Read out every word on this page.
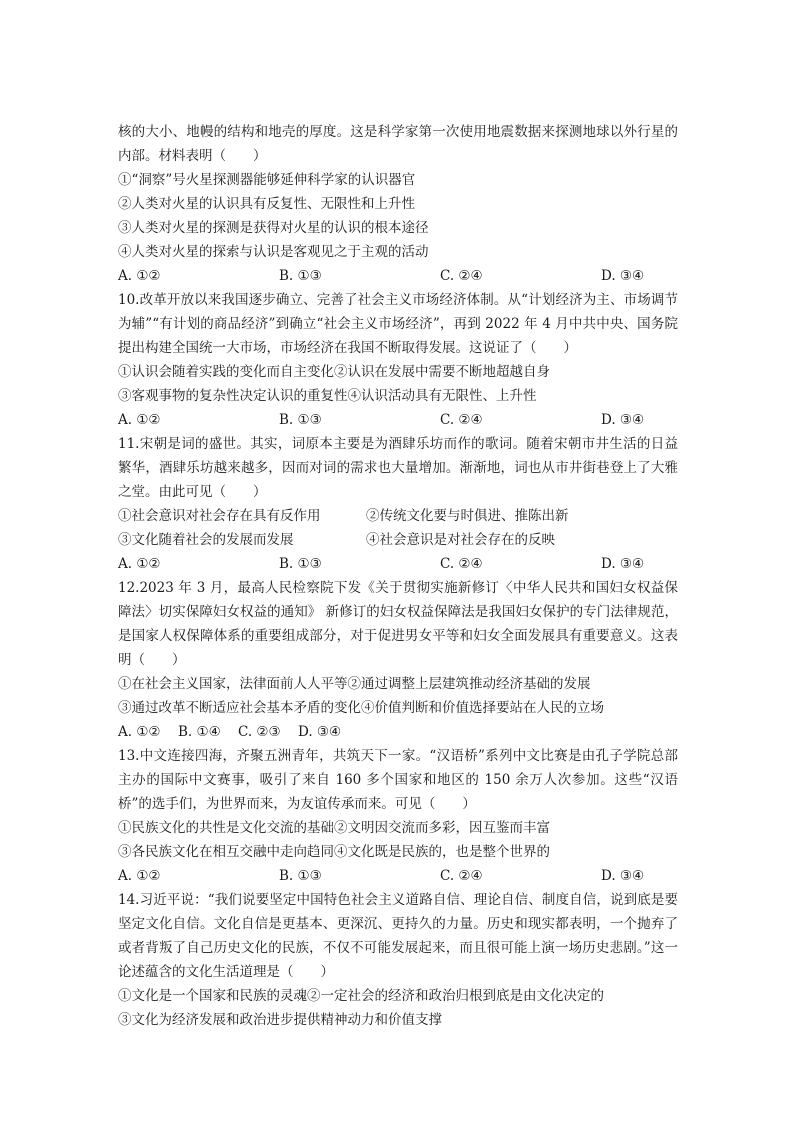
核的大小、地幔的结构和地壳的厚度。这是科学家第一次使用地震数据来探测地球以外行星的内部。材料表明（　　）
①“洞察”号火星探测器能够延伸科学家的认识器官
②人类对火星的认识具有反复性、无限性和上升性
③人类对火星的探测是获得对火星的认识的根本途径
④人类对火星的探索与认识是客观见之于主观的活动
A. ①②	B. ①③	C. ②④	D. ③④
10.改革开放以来我国逐步确立、完善了社会主义市场经济体制。从“计划经济为主、市场调节为辅”“有计划的商品经济”到确立“社会主义市场经济”，再到 2022 年 4 月中共中央、国务院提出构建全国统一大市场，市场经济在我国不断取得发展。这说证了（　　）
①认识会随着实践的变化而自主变化②认识在发展中需要不断地超越自身
③客观事物的复杂性决定认识的重复性④认识活动具有无限性、上升性
A. ①②	B. ①③	C. ②④	D. ③④
11.宋朝是词的盛世。其实，词原本主要是为酒肆乐坊而作的歌词。随着宋朝市井生活的日益繁华，酒肆乐坊越来越多，因而对词的需求也大量增加。渐渐地，词也从市井街巷登上了大雅之堂。由此可见（　　）
①社会意识对社会存在具有反作用	②传统文化要与时俱进、推陈出新
③文化随着社会的发展而发展	④社会意识是对社会存在的反映
A. ①②	B. ①③	C. ②④	D. ③④
12.2023 年 3 月，最高人民检察院下发《关于贯彻实施新修订〈中华人民共和国妇女权益保障法〉切实保障妇女权益的通知》 新修订的妇女权益保障法是我国妇女保护的专门法律规范，是国家人权保障体系的重要组成部分，对于促进男女平等和妇女全面发展具有重要意义。这表明（　　）
①在社会主义国家，法律面前人人平等②通过调整上层建筑推动经济基础的发展
③通过改革不断适应社会基本矛盾的变化④价值判断和价值选择要站在人民的立场
A. ①②	B. ①④	C. ②③	D. ③④
13.中文连接四海，齐聚五洲青年，共筑天下一家。“汉语桥”系列中文比赛是由孔子学院总部主办的国际中文赛事，吸引了来自 160 多个国家和地区的 150 余万人次参加。这些“汉语桥”的选手们，为世界而来，为友谊传承而来。可见（　　）
①民族文化的共性是文化交流的基础②文明因交流而多彩，因互鉴而丰富
③各民族文化在相互交融中走向趋同④文化既是民族的，也是整个世界的
A. ①②	B. ①③	C. ②④	D. ③④
14.习近平说：“我们说要坚定中国特色社会主义道路自信、理论自信、制度自信，说到底是要坚定文化自信。文化自信是更基本、更深沉、更持久的力量。历史和现实都表明，一个抛弃了或者背叛了自己历史文化的民族，不仅不可能发展起来，而且很可能上演一场历史悲剧。”这一论述蕴含的文化生活道理是（　　）
①文化是一个国家和民族的灵魂②一定社会的经济和政治归根到底是由文化决定的
③文化为经济发展和政治进步提供精神动力和价值支撑
